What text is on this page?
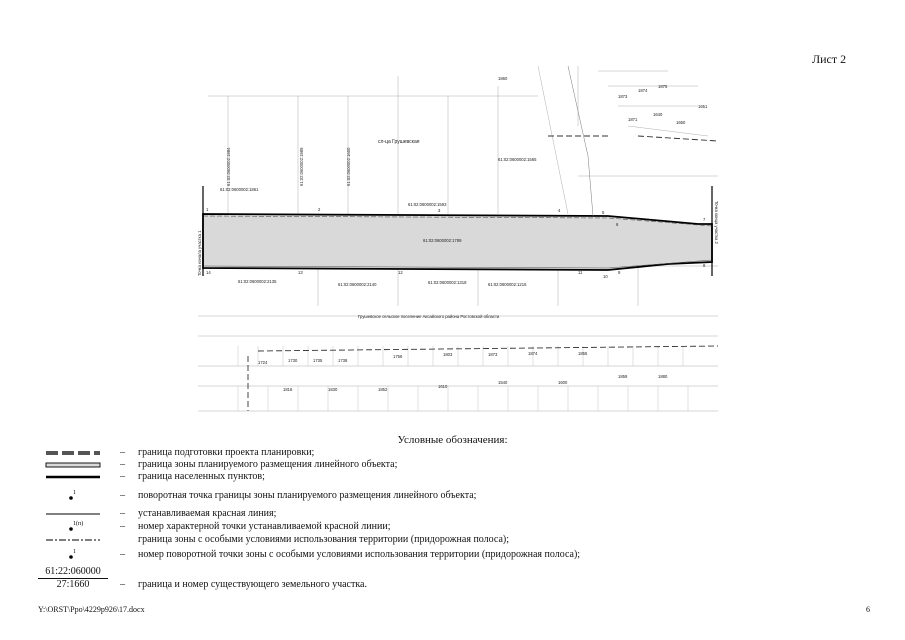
Лист 2
сл-ца Грушевская
61:02:0600002:1789
Грушевское сельское поселение Аксайского района Ростовской области
61:02:0600002:1984	61:02:0600002:1989	61:02:0600002:1600
61:02:0600002:1593
61:02:0600002:1861
61:02:0600002:1565
61:02:0600002:2135
61:02:0600002:2140	61:02:0600002:1318	61:02:0600002:1216
Точка начала участка 1
Точка конца участка 2
1860
1873
1874
1875
1871
1640
1650
1651
1724	1730	1735	1738
1756	1803	1873	1874	1855
1859	1880
1816	1830	1852
1610
1540	1600
1	2	3	4	5
6
7
8
9
10
11
12
13
14
Условные обозначения:
– граница подготовки проекта планировки;
– граница зоны планируемого размещения линейного объекта;
– граница населенных пунктов;
1	– поворотная точка границы зоны планируемого размещения линейного объекта;
– устанавливаемая красная линия;
1(п)	– номер характерной точки устанавливаемой красной линии;
граница зоны с особыми условиями использования территории (придорожная полоса);
1	– номер поворотной точки зоны с особыми условиями использования территории (придорожная полоса);
61:22:060000
27:1660	– граница и номер существующего земельного участка.
Y:\ORST\Ppo\4229р926\17.docx	6
